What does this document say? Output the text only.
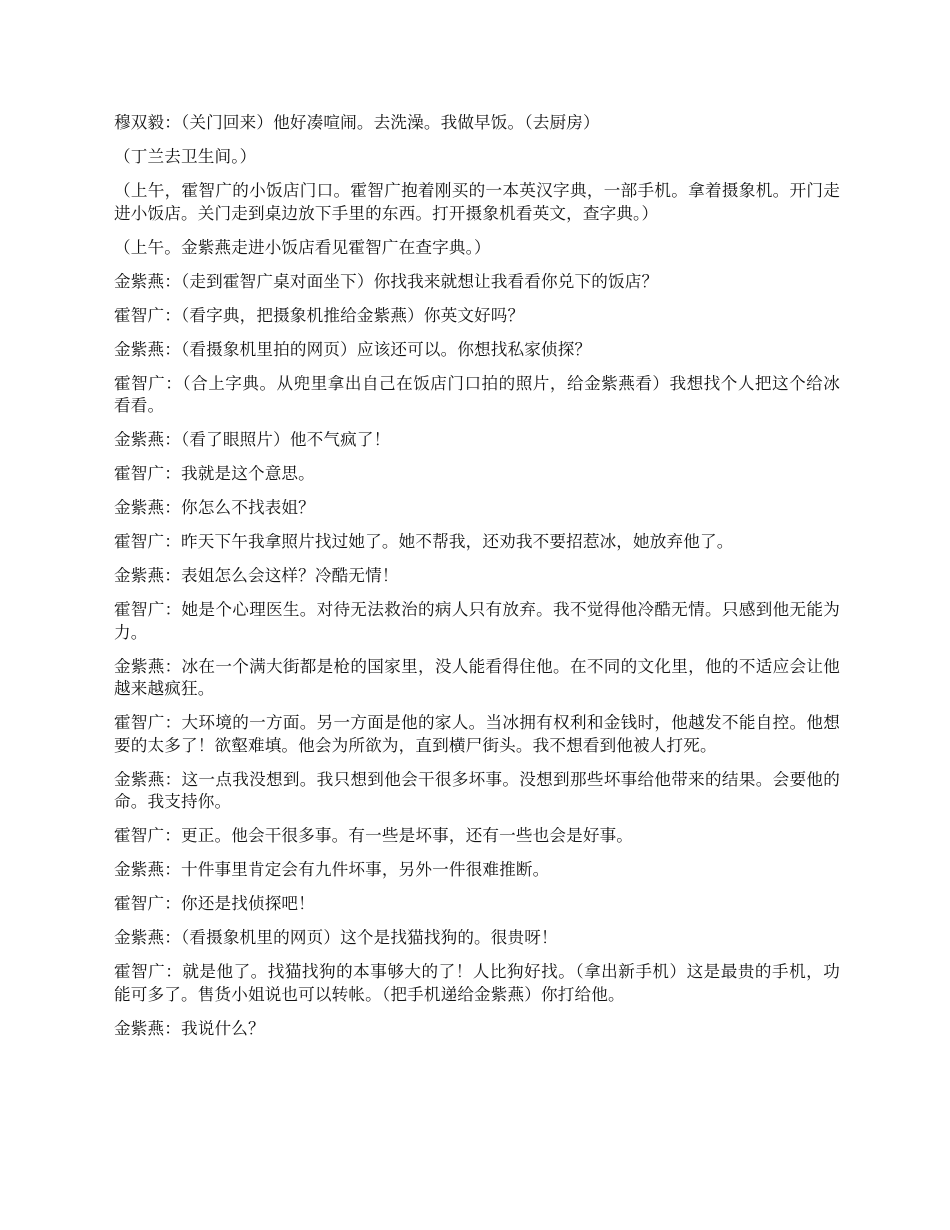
穆双毅：（关门回来）他好凑喧闹。去洗澡。我做早饭。（去厨房）

（丁兰去卫生间。）

（上午，霍智广的小饭店门口。霍智广抱着刚买的一本英汉字典，一部手机。拿着摄象机。开门走进小饭店。关门走到桌边放下手里的东西。打开摄象机看英文，查字典。）

（上午。金紫燕走进小饭店看见霍智广在查字典。）

金紫燕：（走到霍智广桌对面坐下）你找我来就想让我看看你兑下的饭店？

霍智广：（看字典，把摄象机推给金紫燕）你英文好吗？

金紫燕：（看摄象机里拍的网页）应该还可以。你想找私家侦探？

霍智广：（合上字典。从兜里拿出自己在饭店门口拍的照片，给金紫燕看）我想找个人把这个给冰看看。

金紫燕：（看了眼照片）他不气疯了！

霍智广：我就是这个意思。

金紫燕：你怎么不找表姐？

霍智广：昨天下午我拿照片找过她了。她不帮我，还劝我不要招惹冰，她放弃他了。

金紫燕：表姐怎么会这样？冷酷无情！

霍智广：她是个心理医生。对待无法救治的病人只有放弃。我不觉得他冷酷无情。只感到他无能为力。

金紫燕：冰在一个满大街都是枪的国家里，没人能看得住他。在不同的文化里，他的不适应会让他越来越疯狂。

霍智广：大环境的一方面。另一方面是他的家人。当冰拥有权利和金钱时，他越发不能自控。他想要的太多了！欲壑难填。他会为所欲为，直到横尸街头。我不想看到他被人打死。

金紫燕：这一点我没想到。我只想到他会干很多坏事。没想到那些坏事给他带来的结果。会要他的命。我支持你。

霍智广：更正。他会干很多事。有一些是坏事，还有一些也会是好事。

金紫燕：十件事里肯定会有九件坏事，另外一件很难推断。

霍智广：你还是找侦探吧！

金紫燕：（看摄象机里的网页）这个是找猫找狗的。很贵呀！

霍智广：就是他了。找猫找狗的本事够大的了！人比狗好找。（拿出新手机）这是最贵的手机，功能可多了。售货小姐说也可以转帐。（把手机递给金紫燕）你打给他。

金紫燕：我说什么？
